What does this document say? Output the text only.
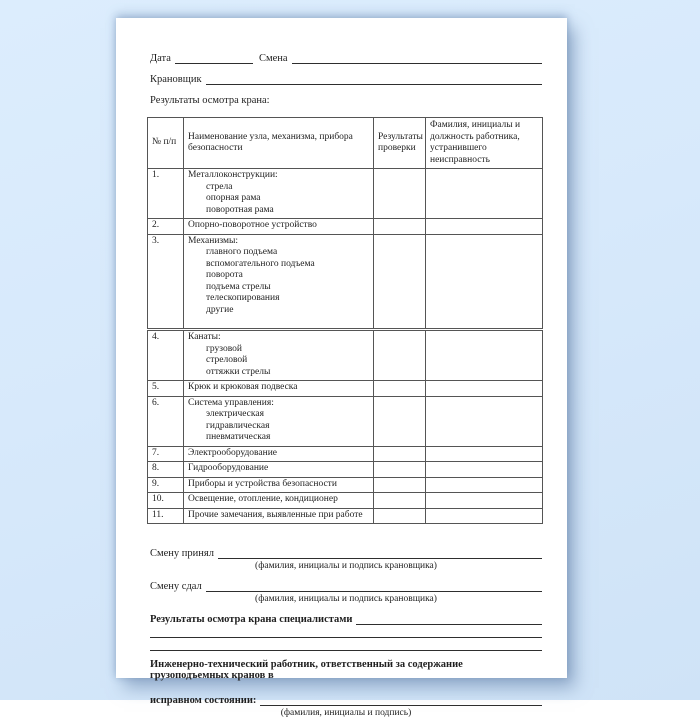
Дата	Смена
Крановщик
Результаты осмотра крана:
№ п/п	Наименование узла, механизма, прибора безопасности	Результаты проверки	Фамилия, инициалы и должность работника, устранившего неисправность
1.	Металлоконструкции:
стрела
опорная рама
поворотная рама		

2.	Опорно-поворотное устройство		

3.	Механизмы:
главного подъема
вспомогательного подъема
поворота
подъема стрелы
телескопирования
другие

4.	Канаты:
грузовой
стреловой
оттяжки стрелы		

5.	Крюк и крюковая подвеска		

6.	Система управления:
электрическая
гидравлическая
пневматическая		

7.	Электрооборудование		

8.	Гидрооборудование		

9.	Приборы и устройства безопасности		

10.	Освещение, отопление, кондиционер		

11.	Прочие замечания, выявленные при работе		

Смену принял
(фамилия, инициалы и подпись крановщика)
Смену сдал
(фамилия, инициалы и подпись крановщика)
Результаты осмотра крана специалистами
Инженерно-технический работник, ответственный за содержание грузоподъемных кранов в
исправном состоянии:
(фамилия, инициалы и подпись)
